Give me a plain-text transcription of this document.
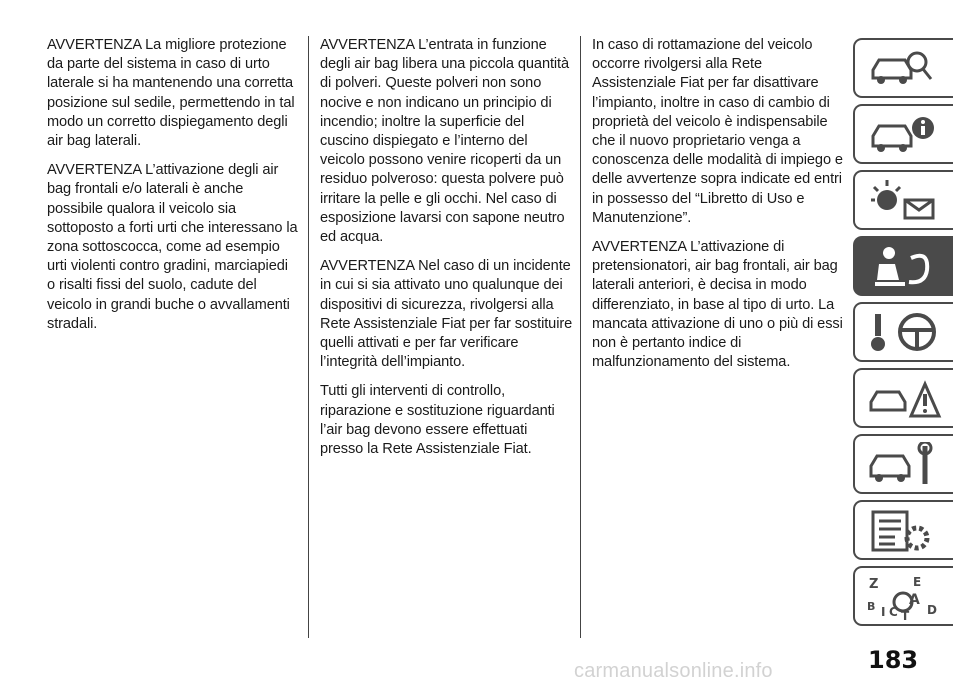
AVVERTENZA La migliore protezione da parte del sistema in caso di urto laterale si ha mantenendo una corretta posizione sul sedile, permettendo in tal modo un corretto dispiegamento degli air bag laterali.

AVVERTENZA L’attivazione degli air bag frontali e/o laterali è anche possibile qualora il veicolo sia sottoposto a forti urti che interessano la zona sottoscocca, come ad esempio urti violenti contro gradini, marciapiedi o risalti fissi del suolo, cadute del veicolo in grandi buche o avvallamenti stradali.

AVVERTENZA L’entrata in funzione degli air bag libera una piccola quantità di polveri. Queste polveri non sono nocive e non indicano un principio di incendio; inoltre la superficie del cuscino dispiegato e l’interno del veicolo possono venire ricoperti da un residuo polveroso: questa polvere può irritare la pelle e gli occhi. Nel caso di esposizione lavarsi con sapone neutro ed acqua.

AVVERTENZA Nel caso di un incidente in cui si sia attivato uno qualunque dei dispositivi di sicurezza, rivolgersi alla Rete Assistenziale Fiat per far sostituire quelli attivati e per far verificare l’integrità dell’impianto.

Tutti gli interventi di controllo, riparazione e sostituzione riguardanti l’air bag devono essere effettuati presso la Rete Assistenziale Fiat.

In caso di rottamazione del veicolo occorre rivolgersi alla Rete Assistenziale Fiat per far disattivare l’impianto, inoltre in caso di cambio di proprietà del veicolo è indispensabile che il nuovo proprietario venga a conoscenza delle modalità di impiego e delle avvertenze sopra indicate ed entri in possesso del “Libretto di Uso e Manutenzione”.

AVVERTENZA L’attivazione di pretensionatori, air bag frontali, air bag laterali anteriori, è decisa in modo differenziato, in base al tipo di urto. La mancata attivazione di uno o più di essi non è pertanto indice di malfunzionamento del sistema.

Z	E
A
B I C T D
183
carmanualsonline.info
